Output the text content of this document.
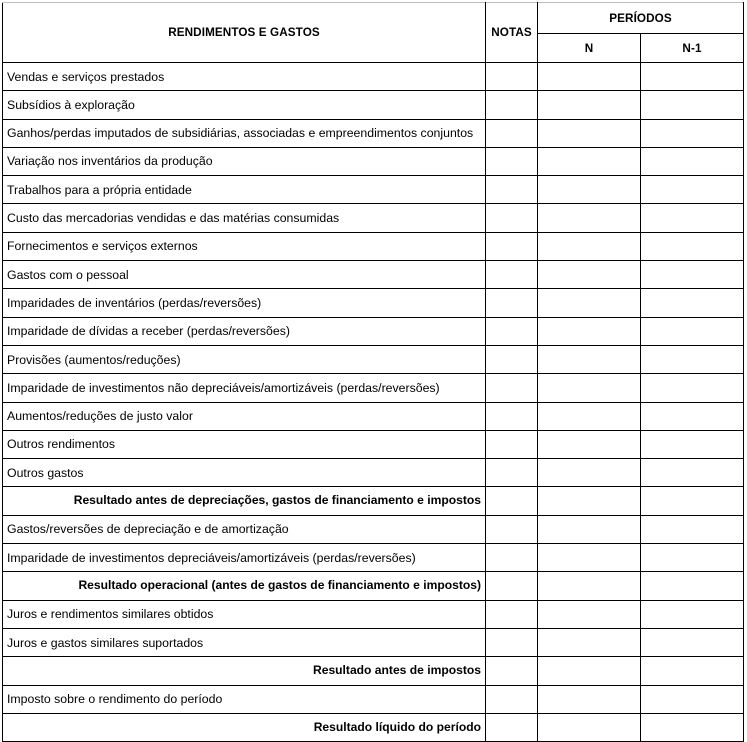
RENDIMENTOS E GASTOS	NOTAS	PERÍODOS	
		N	N-1
Vendas e serviços prestados			
Subsídios à exploração			
Ganhos/perdas imputados de subsidiárias, associadas e empreendimentos conjuntos			
Variação nos inventários da produção			
Trabalhos para a própria entidade			
Custo das mercadorias vendidas e das matérias consumidas			
Fornecimentos e serviços externos			
Gastos com o pessoal			
Imparidades de inventários (perdas/reversões)			
Imparidade de dívidas a receber (perdas/reversões)			
Provisões (aumentos/reduções)			
Imparidade de investimentos não depreciáveis/amortizáveis (perdas/reversões)			
Aumentos/reduções de justo valor			
Outros rendimentos			
Outros gastos			
Resultado antes de depreciações, gastos de financiamento e impostos			
Gastos/reversões de depreciação e de amortização			
Imparidade de investimentos depreciáveis/amortizáveis (perdas/reversões)			
Resultado operacional (antes de gastos de financiamento e impostos)			
Juros e rendimentos similares obtidos			
Juros e gastos similares suportados			
Resultado antes de impostos			
Imposto sobre o rendimento do período			
Resultado líquido do período			
